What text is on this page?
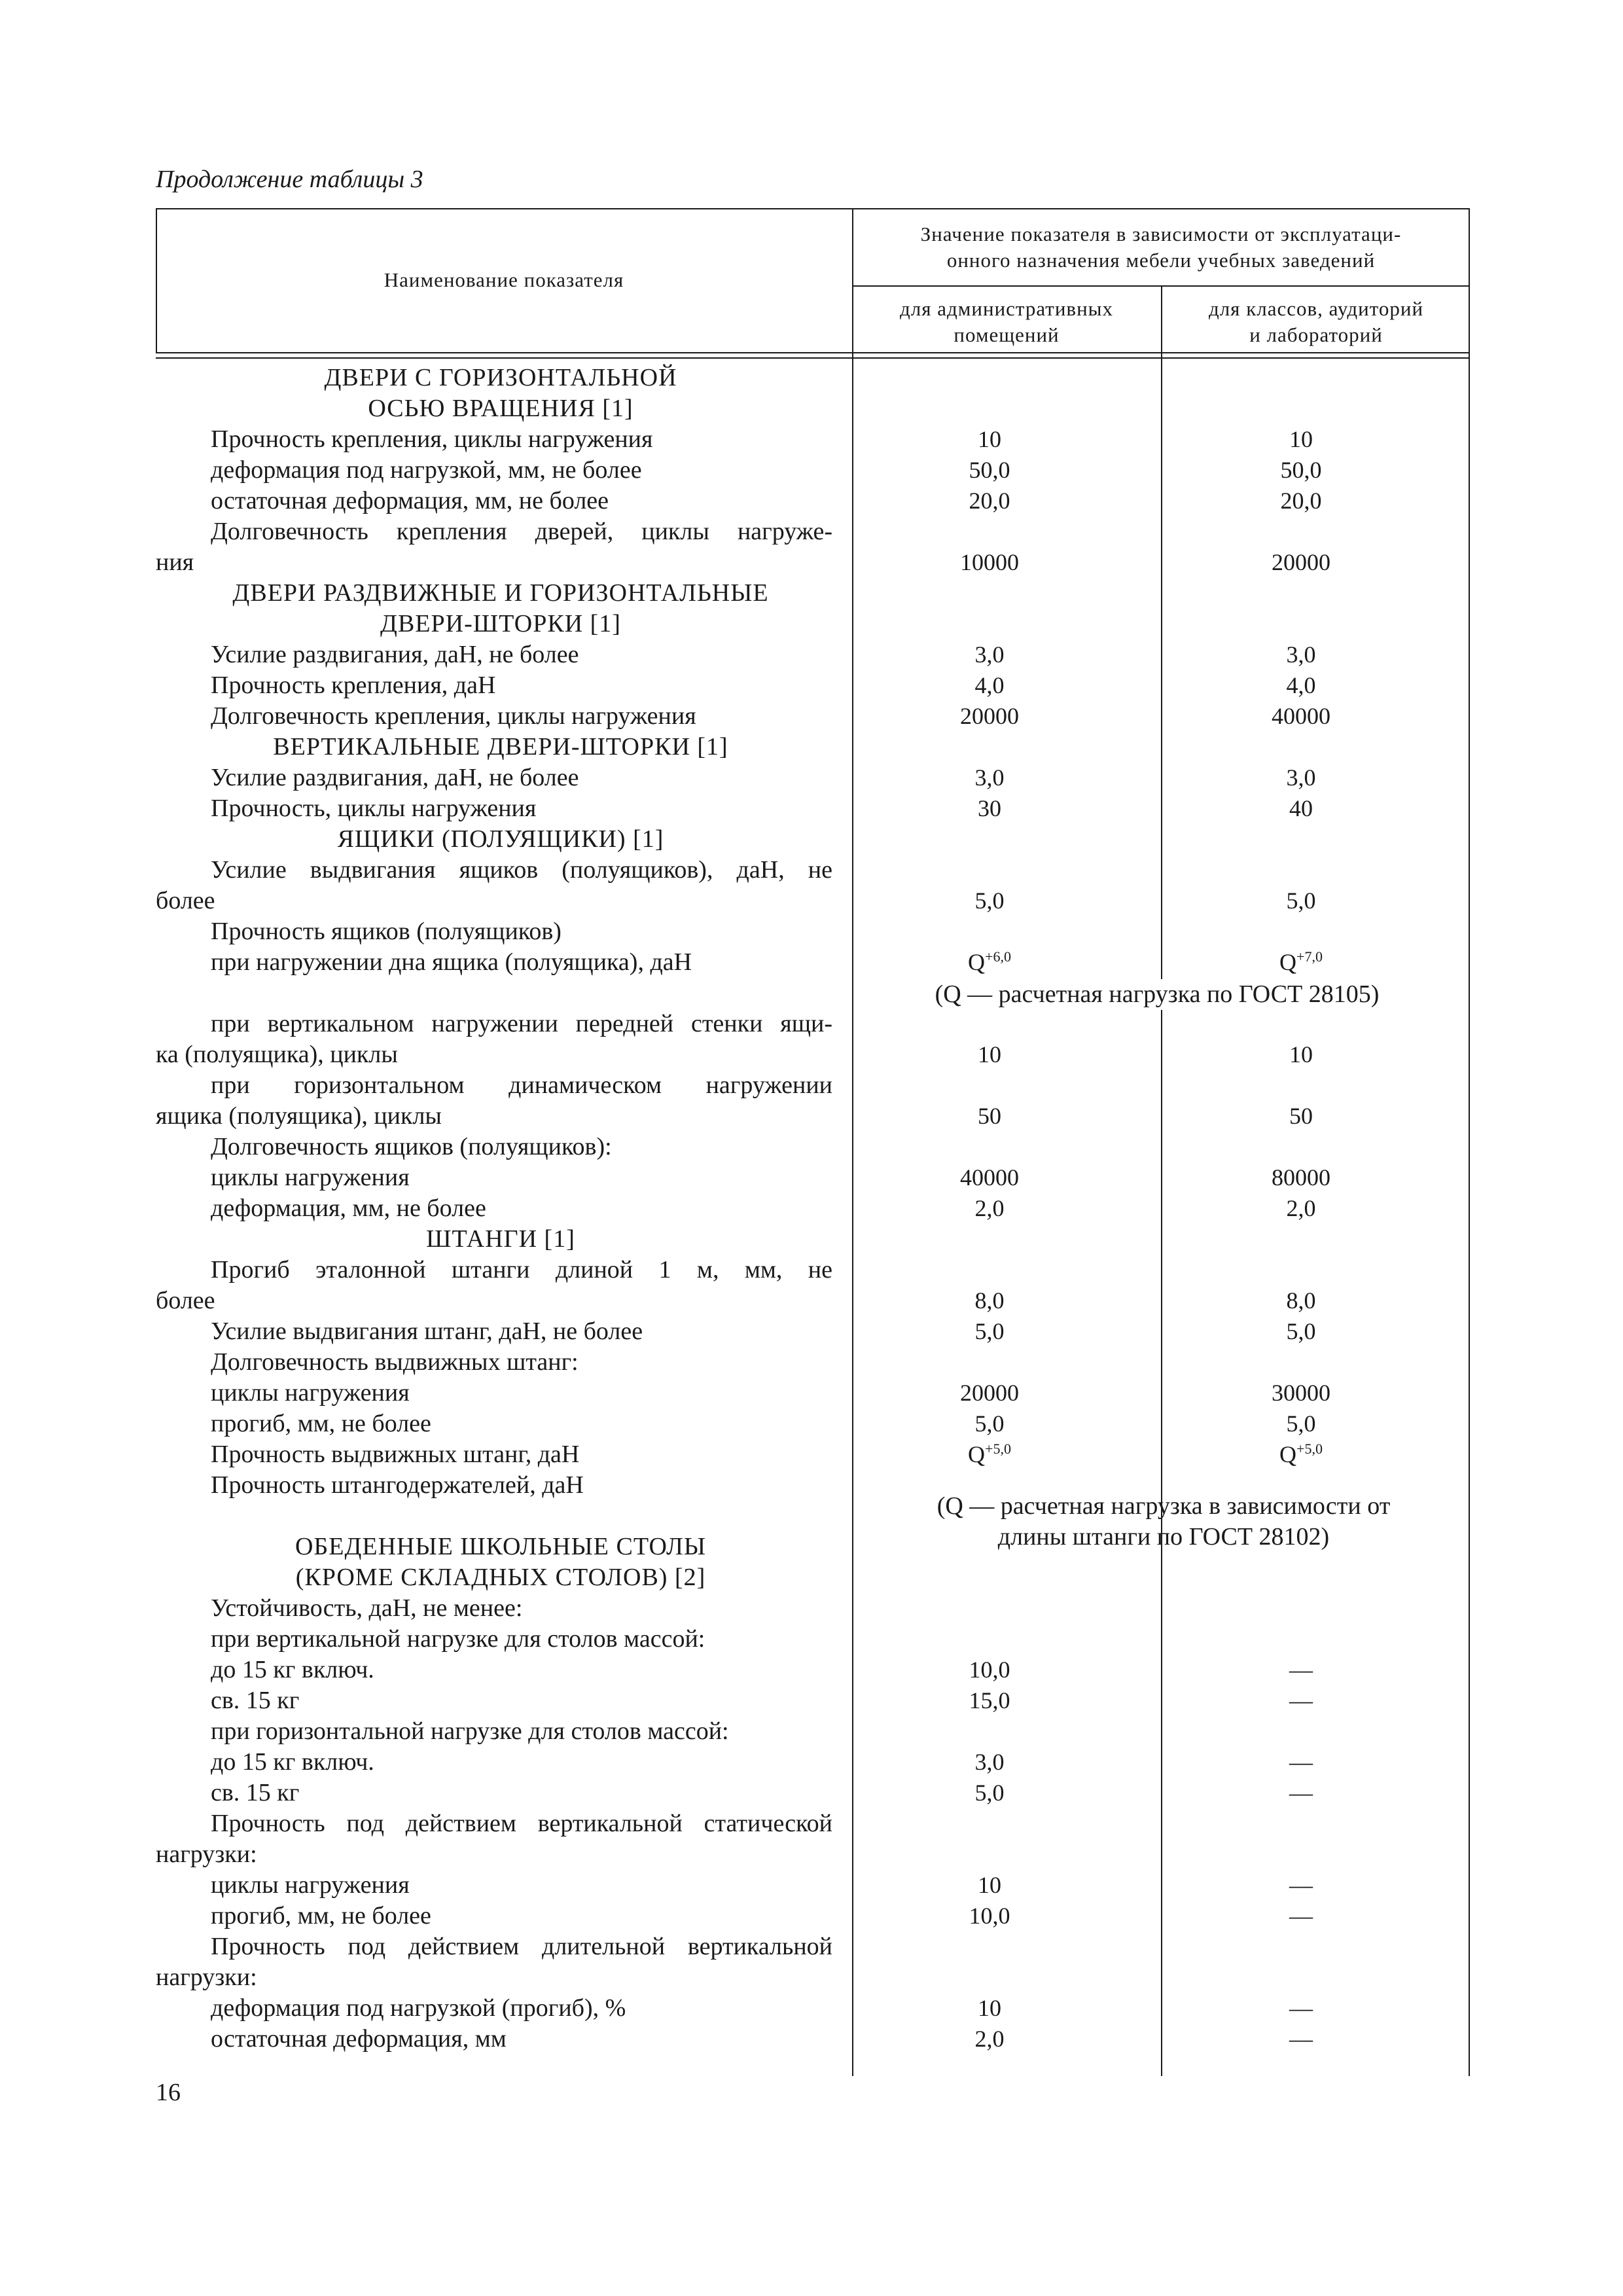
Продолжение таблицы 3
Наименование показателя
Значение показателя в зависимости от эксплуатаци-
онного назначения мебели учебных заведений
для административных
помещений
для классов, аудиторий
и лабораторий
ДВЕРИ С ГОРИЗОНТАЛЬНОЙ
ОСЬЮ ВРАЩЕНИЯ [1]
Прочность крепления, циклы нагружения	10	10
деформация под нагрузкой, мм, не более	50,0	50,0
остаточная деформация, мм, не более	20,0	20,0
Долговечность крепления дверей, циклы нагруже-
ния	10000	20000
ДВЕРИ РАЗДВИЖНЫЕ И ГОРИЗОНТАЛЬНЫЕ
ДВЕРИ-ШТОРКИ [1]
Усилие раздвигания, даН, не более	3,0	3,0
Прочность крепления, даН	4,0	4,0
Долговечность крепления, циклы нагружения	20000	40000
ВЕРТИКАЛЬНЫЕ ДВЕРИ-ШТОРКИ [1]
Усилие раздвигания, даН, не более	3,0	3,0
Прочность, циклы нагружения	30	40
ЯЩИКИ (ПОЛУЯЩИКИ) [1]
Усилие выдвигания ящиков (полуящиков), даН, не
более	5,0	5,0
Прочность ящиков (полуящиков)
при нагружении дна ящика (полуящика), даН	$Q^{+6,0}$	$Q^{+7,0}$
при вертикальном нагружении передней стенки ящи-
ка (полуящика), циклы	10	10
при горизонтальном динамическом нагружении
ящика (полуящика), циклы	50	50
Долговечность ящиков (полуящиков):
циклы нагружения	40000	80000
деформация, мм, не более	2,0	2,0
ШТАНГИ [1]
Прогиб эталонной штанги длиной 1 м, мм, не
более	8,0	8,0
Усилие выдвигания штанг, даН, не более	5,0	5,0
Долговечность выдвижных штанг:
циклы нагружения	20000	30000
прогиб, мм, не более	5,0	5,0
Прочность выдвижных штанг, даН	$Q^{+5,0}$	$Q^{+5,0}$
Прочность штангодержателей, даН
ОБЕДЕННЫЕ ШКОЛЬНЫЕ СТОЛЫ
(КРОМЕ СКЛАДНЫХ СТОЛОВ) [2]
Устойчивость, даН, не менее:
при вертикальной нагрузке для столов массой:
до 15 кг включ.	10,0	—
св. 15 кг	15,0	—
при горизонтальной нагрузке для столов массой:
до 15 кг включ.	3,0	—
св. 15 кг	5,0	—
Прочность под действием вертикальной статической
нагрузки:
циклы нагружения	10	—
прогиб, мм, не более	10,0	—
Прочность под действием длительной вертикальной
нагрузки:
деформация под нагрузкой (прогиб), %	10	—
остаточная деформация, мм	2,0	—
(Q — расчетная нагрузка по ГОСТ 28105)
(Q — расчетная нагрузка в зависимости от
длины штанги по ГОСТ 28102)
16
